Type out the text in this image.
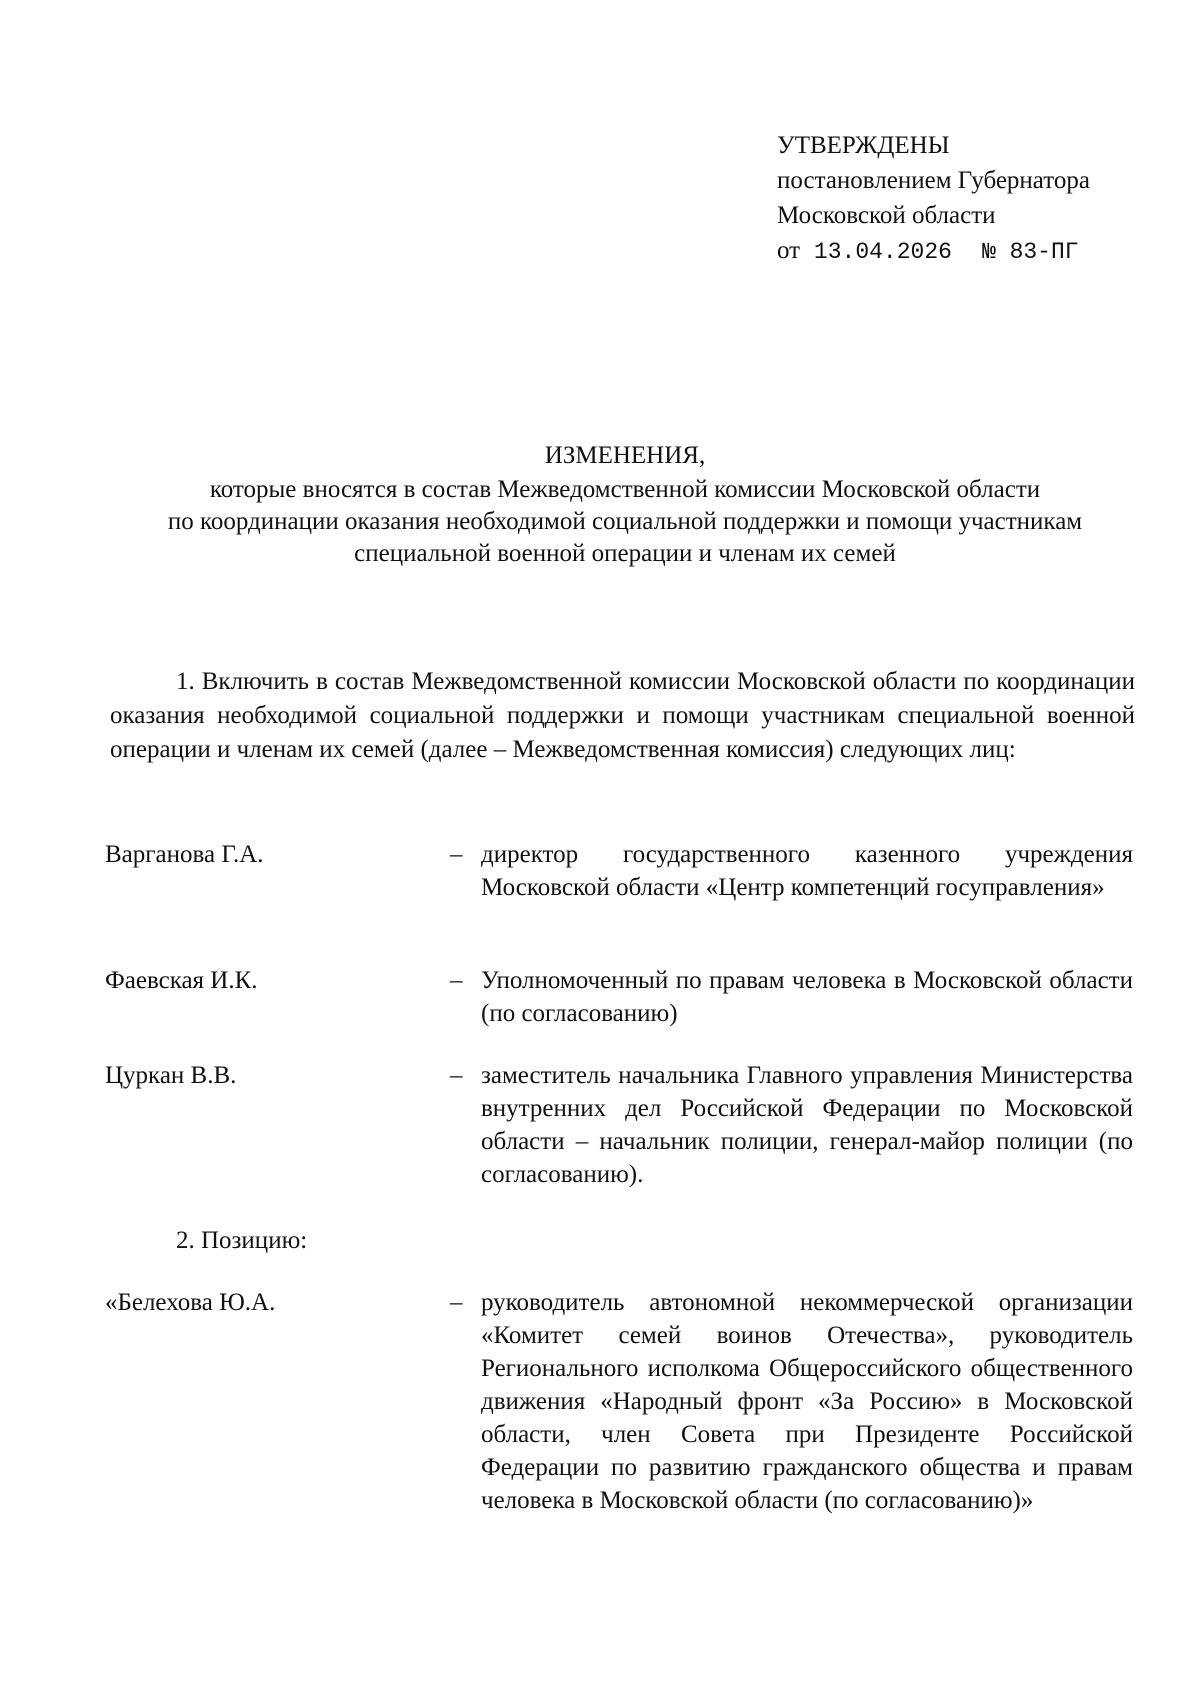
УТВЕРЖДЕНЫ
постановлением Губернатора
Московской области
от 13.04.2026 № 83-ПГ
ИЗМЕНЕНИЯ,
которые вносятся в состав Межведомственной комиссии Московской области
по координации оказания необходимой социальной поддержки и помощи участникам
специальной военной операции и членам их семей
1. Включить в состав Межведомственной комиссии Московской области по координации оказания необходимой социальной поддержки и помощи участникам специальной военной операции и членам их семей (далее – Межведомственная комиссия) следующих лиц:
Варганова Г.А.	– директор государственного казенного учреждения Московской области «Центр компетенций госуправления»
Фаевская И.К.	– Уполномоченный по правам человека в Московской области (по согласованию)
Цуркан В.В.	– заместитель начальника Главного управления Министерства внутренних дел Российской Федерации по Московской области – начальник полиции, генерал-майор полиции (по согласованию).
2. Позицию:
«Белехова Ю.А.	– руководитель автономной некоммерческой организации «Комитет семей воинов Отечества», руководитель Регионального исполкома Общероссийского общественного движения «Народный фронт «За Россию» в Московской области, член Совета при Президенте Российской Федерации по развитию гражданского общества и правам человека в Московской области (по согласованию)»
